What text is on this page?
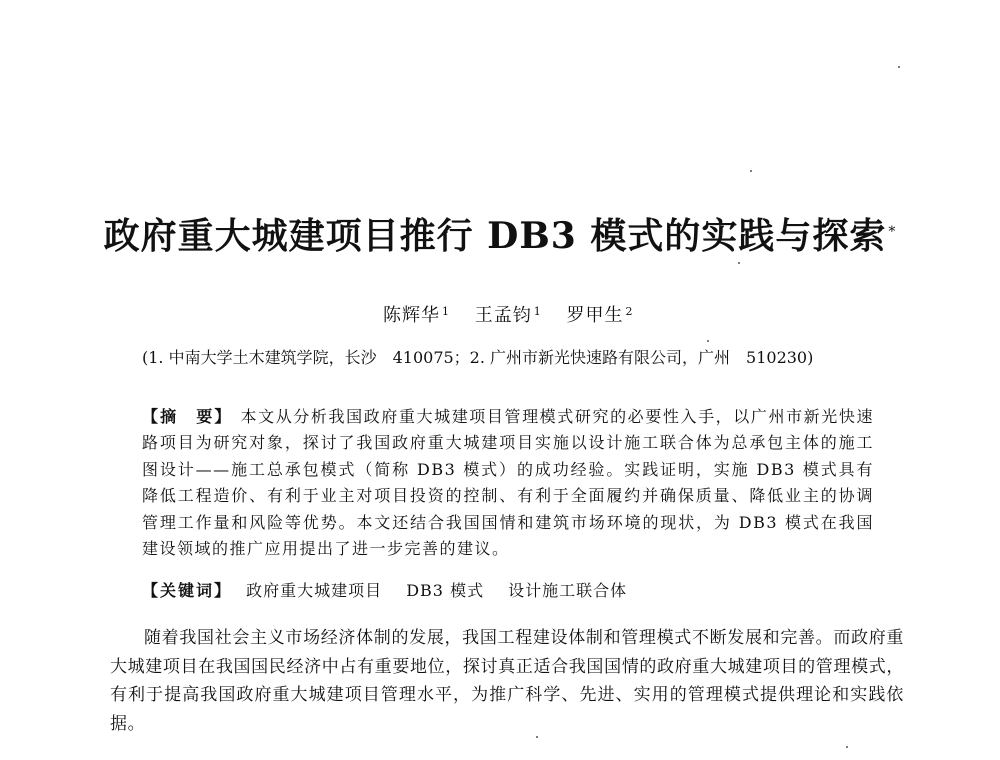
政府重大城建项目推行 DB3 模式的实践与探索 *
陈辉华 $^1$ 王孟钧 $^1$ 罗甲生 $^2$
(1. 中南大学土木建筑学院，长沙　410075；2. 广州市新光快速路有限公司，广州　510230)
【摘　要】 本文从分析我国政府重大城建项目管理模式研究的必要性入手，以广州市新光快速路项目为研究对象，探讨了我国政府重大城建项目实施以设计施工联合体为总承包主体的施工图设计——施工总承包模式（简称 DB3 模式）的成功经验。实践证明，实施 DB3 模式具有降低工程造价、有利于业主对项目投资的控制、有利于全面履约并确保质量、降低业主的协调管理工作量和风险等优势。本文还结合我国国情和建筑市场环境的现状，为 DB3 模式在我国建设领域的推广应用提出了进一步完善的建议。
【关键词】 政府重大城建项目 DB3 模式 设计施工联合体
随着我国社会主义市场经济体制的发展，我国工程建设体制和管理模式不断发展和完善。而政府重大城建项目在我国国民经济中占有重要地位，探讨真正适合我国国情的政府重大城建项目的管理模式，有利于提高我国政府重大城建项目管理水平，为推广科学、先进、实用的管理模式提供理论和实践依据。
